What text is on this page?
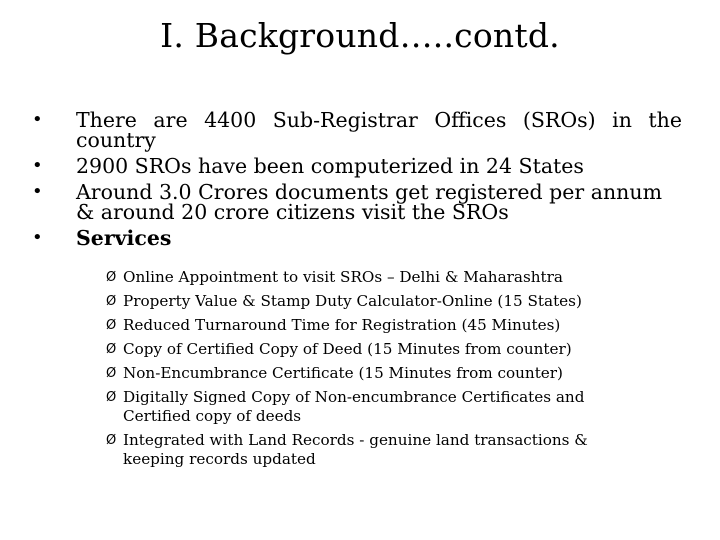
I. Background…..contd.
•	There are 4400 Sub-Registrar Offices (SROs) in the country
•	2900 SROs have been computerized in 24 States
•	Around 3.0 Crores documents get registered per annum & around 20 crore citizens visit the SROs
•	Services
Ø Online Appointment to visit SROs – Delhi & Maharashtra
Ø Property Value & Stamp Duty Calculator-Online (15 States)
Ø Reduced Turnaround Time for Registration (45 Minutes)
Ø Copy of Certified Copy of Deed (15 Minutes from counter)
Ø Non-Encumbrance Certificate (15 Minutes from counter)
Ø Digitally Signed Copy of Non-encumbrance Certificates and Certified copy of deeds
Ø Integrated with Land Records - genuine land transactions & keeping records updated
